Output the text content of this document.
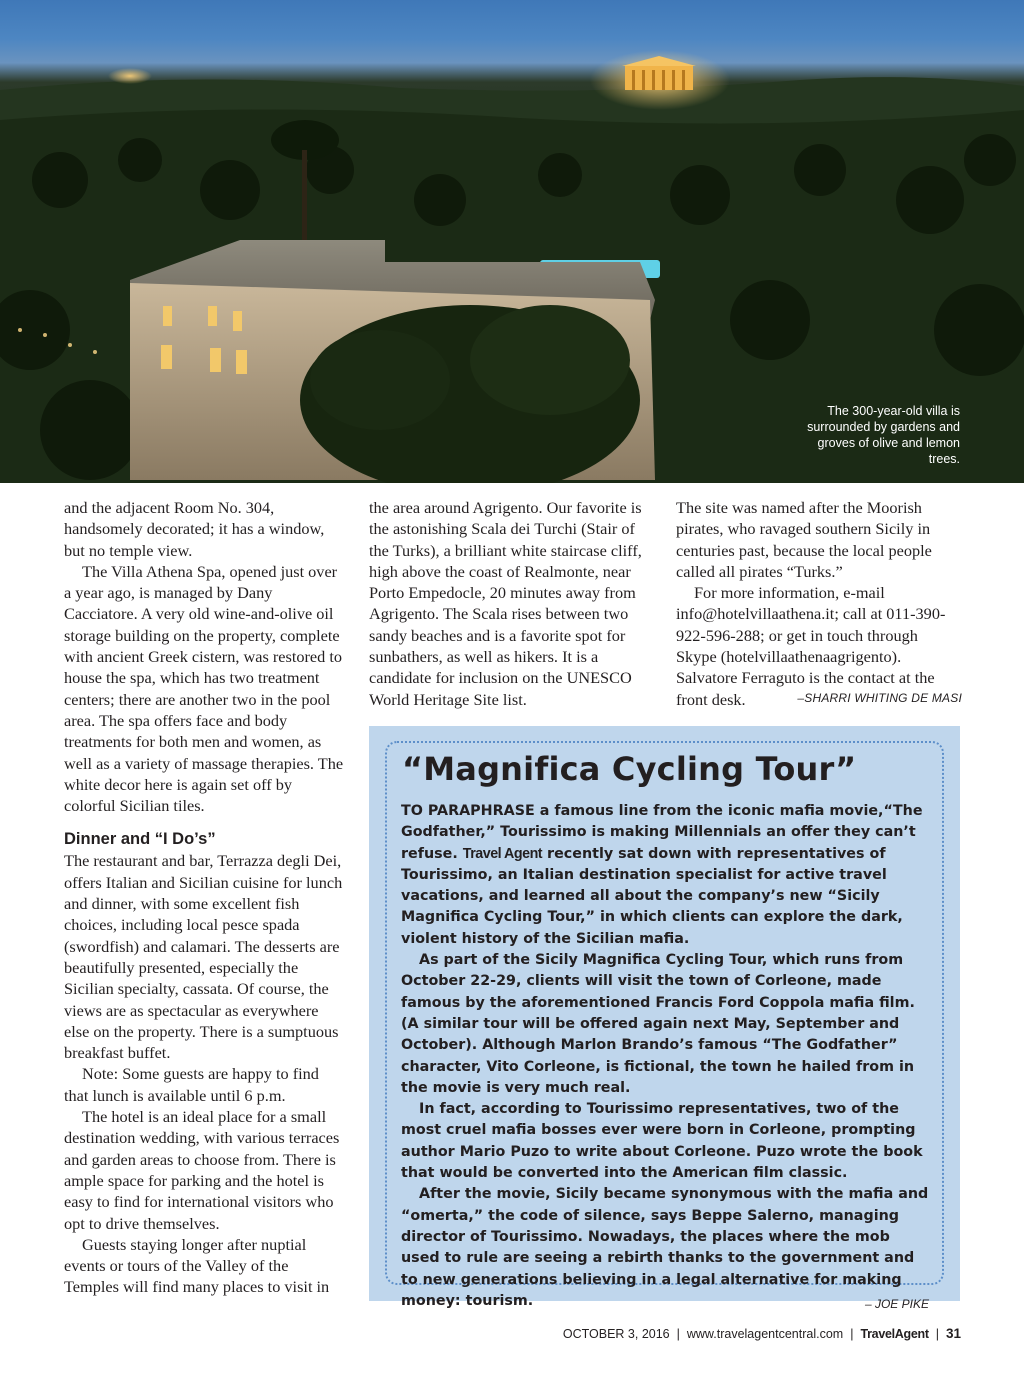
The 300-year-old villa is surrounded by gardens and groves of olive and lemon trees.

and the adjacent Room No. 304, handsomely decorated; it has a window, but no temple view.

The Villa Athena Spa, opened just over a year ago, is managed by Dany Cacciatore. A very old wine-and-olive oil storage building on the property, complete with ancient Greek cistern, was restored to house the spa, which has two treatment centers; there are another two in the pool area. The spa offers face and body treatments for both men and women, as well as a variety of massage therapies. The white decor here is again set off by colorful Sicilian tiles.

Dinner and “I Do’s”

The restaurant and bar, Terrazza degli Dei, offers Italian and Sicilian cuisine for lunch and dinner, with some excellent fish choices, including local pesce spada (swordfish) and calamari. The desserts are beautifully presented, especially the Sicilian specialty, cassata. Of course, the views are as spectacular as everywhere else on the property. There is a sumptuous breakfast buffet.

Note: Some guests are happy to find that lunch is available until 6 p.m.

The hotel is an ideal place for a small destination wedding, with various terraces and garden areas to choose from. There is ample space for parking and the hotel is easy to find for international visitors who opt to drive themselves.

Guests staying longer after nuptial events or tours of the Valley of the Temples will find many places to visit in

the area around Agrigento. Our favorite is the astonishing Scala dei Turchi (Stair of the Turks), a brilliant white staircase cliff, high above the coast of Realmonte, near Porto Empedocle, 20 minutes away from Agrigento. The Scala rises between two sandy beaches and is a favorite spot for sunbathers, as well as hikers. It is a candidate for inclusion on the UNESCO World Heritage Site list.

The site was named after the Moorish pirates, who ravaged southern Sicily in centuries past, because the local people called all pirates “Turks.”

For more information, e-mail info@hotelvillaathena.it; call at 011-390-922-596-288; or get in touch through Skype (hotelvillaathenaagrigento). Salvatore Ferraguto is the contact at the front desk.	–SHARRI WHITING DE MASI
“Magnifica Cycling Tour”

TO PARAPHRASE a famous line from the iconic mafia movie,“The Godfather,” Tourissimo is making Millennials an offer they can’t refuse. Travel Agent recently sat down with representatives of Tourissimo, an Italian destination specialist for active travel vacations, and learned all about the company’s new “Sicily Magnifica Cycling Tour,” in which clients can explore the dark, violent history of the Sicilian mafia.

As part of the Sicily Magnifica Cycling Tour, which runs from October 22-29, clients will visit the town of Corleone, made famous by the aforementioned Francis Ford Coppola mafia film. (A similar tour will be offered again next May, September and October). Although Marlon Brando’s famous “The Godfather” character, Vito Corleone, is fictional, the town he hailed from in the movie is very much real.

In fact, according to Tourissimo representatives, two of the most cruel mafia bosses ever were born in Corleone, prompting author Mario Puzo to write about Corleone. Puzo wrote the book that would be converted into the American film classic.

After the movie, Sicily became synonymous with the mafia and “omerta,” the code of silence, says Beppe Salerno, managing director of Tourissimo. Nowadays, the places where the mob used to rule are seeing a rebirth thanks to the government and to new generations believing in a legal alternative for making money: tourism.	– JOE PIKE

OCTOBER 3, 2016 | www.travelagentcentral.com | TravelAgent | 31
